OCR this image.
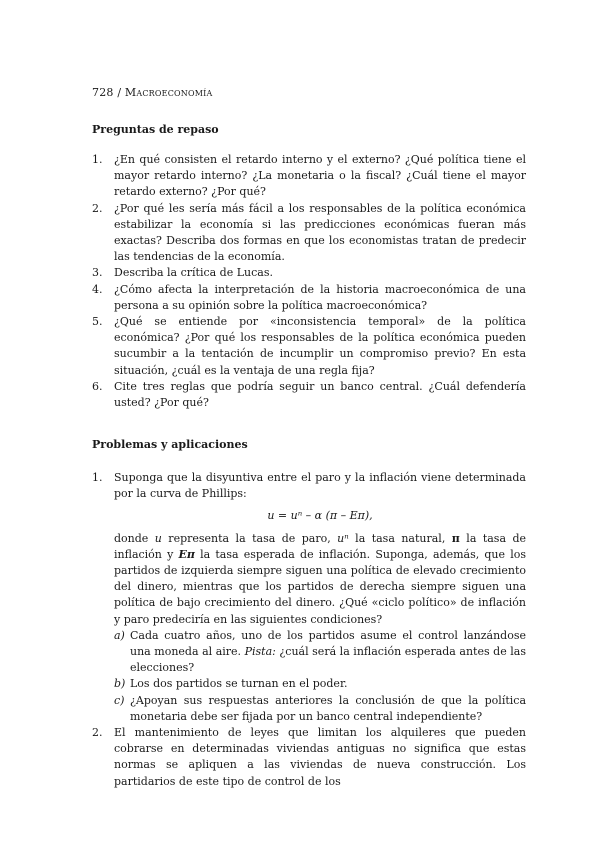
728 / Macroeconomía
Preguntas de repaso
1. ¿En qué consisten el retardo interno y el externo? ¿Qué política tiene el mayor retardo interno? ¿La monetaria o la fiscal? ¿Cuál tiene el mayor retardo externo? ¿Por qué?
2. ¿Por qué les sería más fácil a los responsables de la política económica estabilizar la economía si las predicciones económicas fueran más exactas? Describa dos formas en que los economistas tratan de predecir las tendencias de la economía.
3. Describa la crítica de Lucas.
4. ¿Cómo afecta la interpretación de la historia macroeconómica de una persona a su opinión sobre la política macroeconómica?
5. ¿Qué se entiende por «inconsistencia temporal» de la política económica? ¿Por qué los responsables de la política económica pueden sucumbir a la tentación de incumplir un compromiso previo? En esta situación, ¿cuál es la ventaja de una regla fija?
6. Cite tres reglas que podría seguir un banco central. ¿Cuál defendería usted? ¿Por qué?
Problemas y aplicaciones
1. Suponga que la disyuntiva entre el paro y la inflación viene determinada por la curva de Phillips:
u = uⁿ – α (π – Eπ),
donde u representa la tasa de paro, uⁿ la tasa natural, π la tasa de inflación y Eπ la tasa esperada de inflación. Suponga, además, que los partidos de izquierda siempre siguen una política de elevado crecimiento del dinero, mientras que los partidos de derecha siempre siguen una política de bajo crecimiento del dinero. ¿Qué «ciclo político» de inflación y paro predeciría en las siguientes condiciones?
a) Cada cuatro años, uno de los partidos asume el control lanzándose una moneda al aire. Pista: ¿cuál será la inflación esperada antes de las elecciones?
b) Los dos partidos se turnan en el poder.
c) ¿Apoyan sus respuestas anteriores la conclusión de que la política monetaria debe ser fijada por un banco central independiente?
2. El mantenimiento de leyes que limitan los alquileres que pueden cobrarse en determinadas viviendas antiguas no significa que estas normas se apliquen a las viviendas de nueva construcción. Los partidarios de este tipo de control de los
